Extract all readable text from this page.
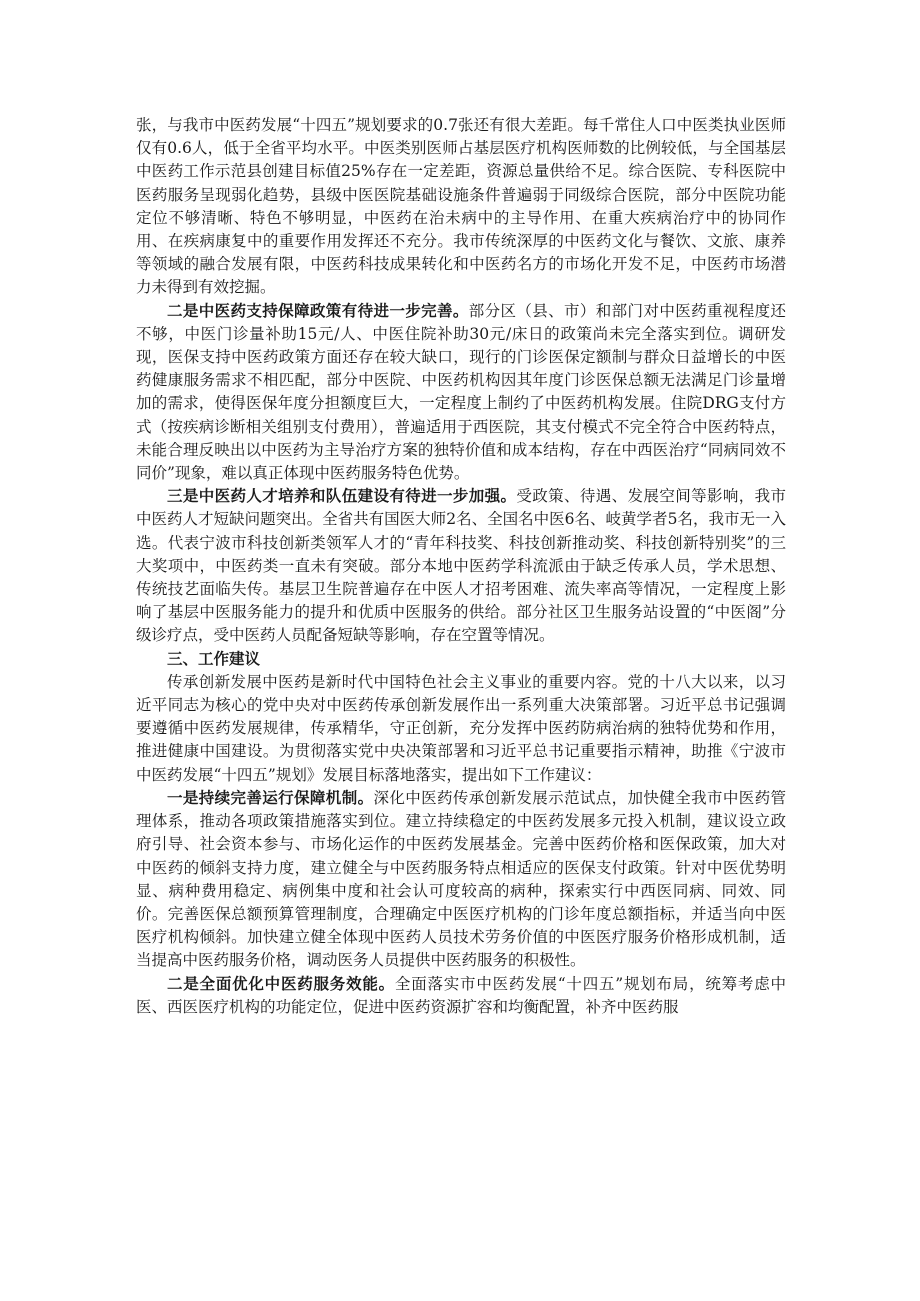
张，与我市中医药发展“十四五”规划要求的0.7张还有很大差距。每千常住人口中医类执业医师仅有0.6人，低于全省平均水平。中医类别医师占基层医疗机构医师数的比例较低，与全国基层中医药工作示范县创建目标值25%存在一定差距，资源总量供给不足。综合医院、专科医院中医药服务呈现弱化趋势，县级中医医院基础设施条件普遍弱于同级综合医院，部分中医院功能定位不够清晰、特色不够明显，中医药在治未病中的主导作用、在重大疾病治疗中的协同作用、在疾病康复中的重要作用发挥还不充分。我市传统深厚的中医药文化与餐饮、文旅、康养等领域的融合发展有限，中医药科技成果转化和中医药名方的市场化开发不足，中医药市场潜力未得到有效挖掘。

二是中医药支持保障政策有待进一步完善。部分区（县、市）和部门对中医药重视程度还不够，中医门诊量补助15元/人、中医住院补助30元/床日的政策尚未完全落实到位。调研发现，医保支持中医药政策方面还存在较大缺口，现行的门诊医保定额制与群众日益增长的中医药健康服务需求不相匹配，部分中医院、中医药机构因其年度门诊医保总额无法满足门诊量增加的需求，使得医保年度分担额度巨大，一定程度上制约了中医药机构发展。住院DRG支付方式（按疾病诊断相关组别支付费用），普遍适用于西医院，其支付模式不完全符合中医药特点，未能合理反映出以中医药为主导治疗方案的独特价值和成本结构，存在中西医治疗“同病同效不同价”现象，难以真正体现中医药服务特色优势。

三是中医药人才培养和队伍建设有待进一步加强。受政策、待遇、发展空间等影响，我市中医药人才短缺问题突出。全省共有国医大师2名、全国名中医6名、岐黄学者5名，我市无一入选。代表宁波市科技创新类领军人才的“青年科技奖、科技创新推动奖、科技创新特别奖”的三大奖项中，中医药类一直未有突破。部分本地中医药学科流派由于缺乏传承人员，学术思想、传统技艺面临失传。基层卫生院普遍存在中医人才招考困难、流失率高等情况，一定程度上影响了基层中医服务能力的提升和优质中医服务的供给。部分社区卫生服务站设置的“中医阁”分级诊疗点，受中医药人员配备短缺等影响，存在空置等情况。

三、工作建议

传承创新发展中医药是新时代中国特色社会主义事业的重要内容。党的十八大以来，以习近平同志为核心的党中央对中医药传承创新发展作出一系列重大决策部署。习近平总书记强调要遵循中医药发展规律，传承精华，守正创新，充分发挥中医药防病治病的独特优势和作用，推进健康中国建设。为贯彻落实党中央决策部署和习近平总书记重要指示精神，助推《宁波市中医药发展“十四五”规划》发展目标落地落实，提出如下工作建议：

一是持续完善运行保障机制。深化中医药传承创新发展示范试点，加快健全我市中医药管理体系，推动各项政策措施落实到位。建立持续稳定的中医药发展多元投入机制，建议设立政府引导、社会资本参与、市场化运作的中医药发展基金。完善中医药价格和医保政策，加大对中医药的倾斜支持力度，建立健全与中医药服务特点相适应的医保支付政策。针对中医优势明显、病种费用稳定、病例集中度和社会认可度较高的病种，探索实行中西医同病、同效、同价。完善医保总额预算管理制度，合理确定中医医疗机构的门诊年度总额指标，并适当向中医医疗机构倾斜。加快建立健全体现中医药人员技术劳务价值的中医医疗服务价格形成机制，适当提高中医药服务价格，调动医务人员提供中医药服务的积极性。

二是全面优化中医药服务效能。全面落实市中医药发展“十四五”规划布局，统筹考虑中医、西医医疗机构的功能定位，促进中医药资源扩容和均衡配置，补齐中医药服
